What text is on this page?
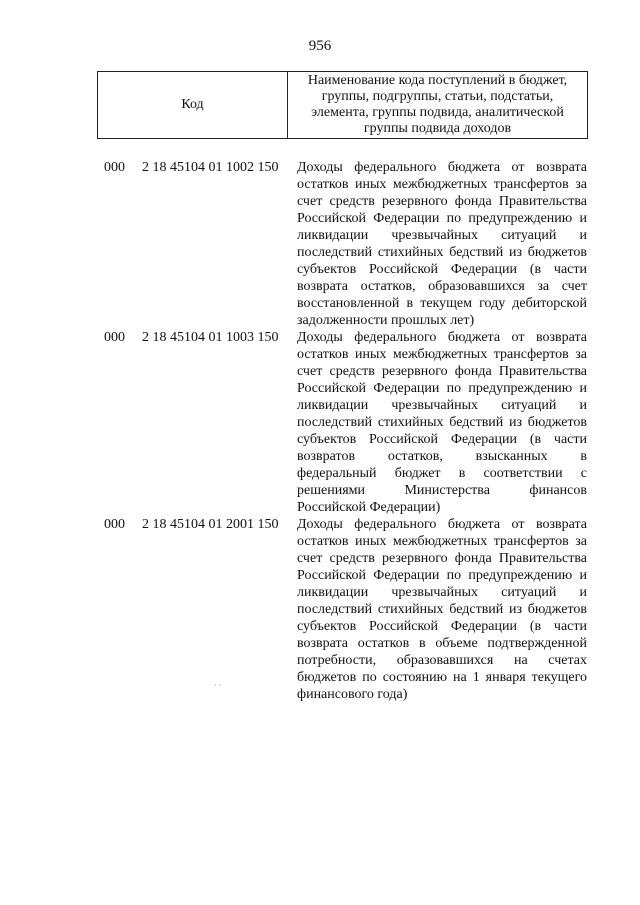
956
Код
Наименование кода поступлений в бюджет, группы, подгруппы, статьи, подстатьи, элемента, группы подвида, аналитической группы подвида доходов
000 2 18 45104 01 1002 150 Доходы федерального бюджета от возврата
остатков иных межбюджетных трансфертов за
счет средств резервного фонда Правительства
Российской Федерации по предупреждению и
ликвидации чрезвычайных ситуаций и
последствий стихийных бедствий из бюджетов
субъектов Российской Федерации (в части
возврата остатков, образовавшихся за счет
восстановленной в текущем году дебиторской
задолженности прошлых лет)
000 2 18 45104 01 1003 150 Доходы федерального бюджета от возврата
остатков иных межбюджетных трансфертов за
счет средств резервного фонда Правительства
Российской Федерации по предупреждению и
ликвидации чрезвычайных ситуаций и
последствий стихийных бедствий из бюджетов
субъектов Российской Федерации (в части
возвратов остатков, взысканных в
федеральный бюджет в соответствии с
решениями Министерства финансов
Российской Федерации)
000 2 18 45104 01 2001 150 Доходы федерального бюджета от возврата
остатков иных межбюджетных трансфертов за
счет средств резервного фонда Правительства
Российской Федерации по предупреждению и
ликвидации чрезвычайных ситуаций и
последствий стихийных бедствий из бюджетов
субъектов Российской Федерации (в части
возврата остатков в объеме подтвержденной
потребности, образовавшихся на счетах
бюджетов по состоянию на 1 января текущего
финансового года)
· ·
